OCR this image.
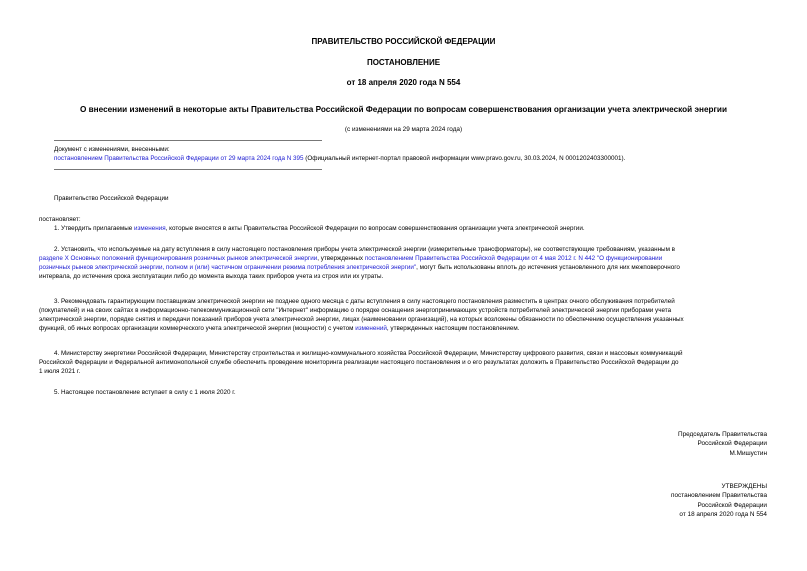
ПРАВИТЕЛЬСТВО РОССИЙСКОЙ ФЕДЕРАЦИИ
ПОСТАНОВЛЕНИЕ
от 18 апреля 2020 года N 554
О внесении изменений в некоторые акты Правительства Российской Федерации по вопросам совершенствования организации учета электрической энергии
(с изменениями на 29 марта 2024 года)
Документ с изменениями, внесенными:
постановлением Правительства Российской Федерации от 29 марта 2024 года N 395 (Официальный интернет-портал правовой информации www.pravo.gov.ru, 30.03.2024, N 0001202403300001).
Правительство Российской Федерации
постановляет:
1. Утвердить прилагаемые изменения, которые вносятся в акты Правительства Российской Федерации по вопросам совершенствования организации учета электрической энергии.
2. Установить, что используемые на дату вступления в силу настоящего постановления приборы учета электрической энергии (измерительные трансформаторы), не соответствующие требованиям, указанным в
разделе X Основных положений функционирования розничных рынков электрической энергии, утвержденных постановлением Правительства Российской Федерации от 4 мая 2012 г. N 442 "О функционировании
розничных рынков электрической энергии, полном и (или) частичном ограничении режима потребления электрической энергии", могут быть использованы вплоть до истечения установленного для них межповерочного
интервала, до истечения срока эксплуатации либо до момента выхода таких приборов учета из строя или их утраты.
3. Рекомендовать гарантирующим поставщикам электрической энергии не позднее одного месяца с даты вступления в силу настоящего постановления разместить в центрах очного обслуживания потребителей
(покупателей) и на своих сайтах в информационно-телекоммуникационной сети "Интернет" информацию о порядке оснащения энергопринимающих устройств потребителей электрической энергии приборами учета
электрической энергии, порядке снятия и передачи показаний приборов учета электрической энергии, лицах (наименовании организаций), на которых возложены обязанности по обеспечению осуществления указанных
функций, об иных вопросах организации коммерческого учета электрической энергии (мощности) с учетом изменений, утвержденных настоящим постановлением.
4. Министерству энергетики Российской Федерации, Министерству строительства и жилищно-коммунального хозяйства Российской Федерации, Министерству цифрового развития, связи и массовых коммуникаций
Российской Федерации и Федеральной антимонопольной службе обеспечить проведение мониторинга реализации настоящего постановления и о его результатах доложить в Правительство Российской Федерации до
1 июля 2021 г.
5. Настоящее постановление вступает в силу с 1 июля 2020 г.
Председатель Правительства
Российской Федерации
М.Мишустин
УТВЕРЖДЕНЫ
постановлением Правительства
Российской Федерации
от 18 апреля 2020 года N 554
